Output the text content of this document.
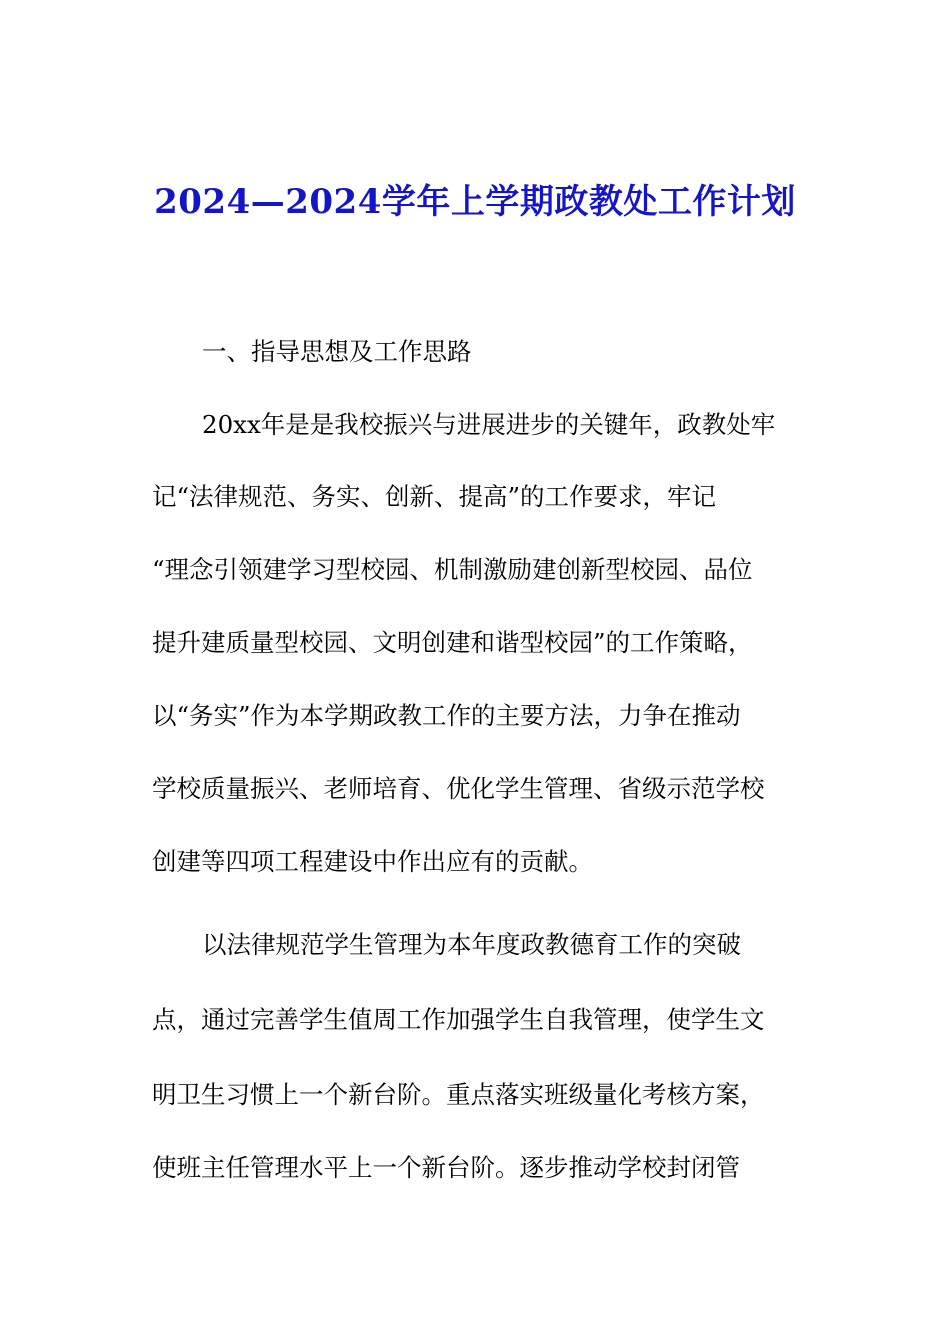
2024—2024学年上学期政教处工作计划
一、指导思想及工作思路
20xx年是是我校振兴与进展进步的关键年，政教处牢
记“法律规范、务实、创新、提高”的工作要求，牢记
“理念引领建学习型校园、机制激励建创新型校园、品位
提升建质量型校园、文明创建和谐型校园”的工作策略，
以“务实”作为本学期政教工作的主要方法，力争在推动
学校质量振兴、老师培育、优化学生管理、省级示范学校
创建等四项工程建设中作出应有的贡献。
以法律规范学生管理为本年度政教德育工作的突破
点，通过完善学生值周工作加强学生自我管理，使学生文
明卫生习惯上一个新台阶。重点落实班级量化考核方案，
使班主任管理水平上一个新台阶。逐步推动学校封闭管
